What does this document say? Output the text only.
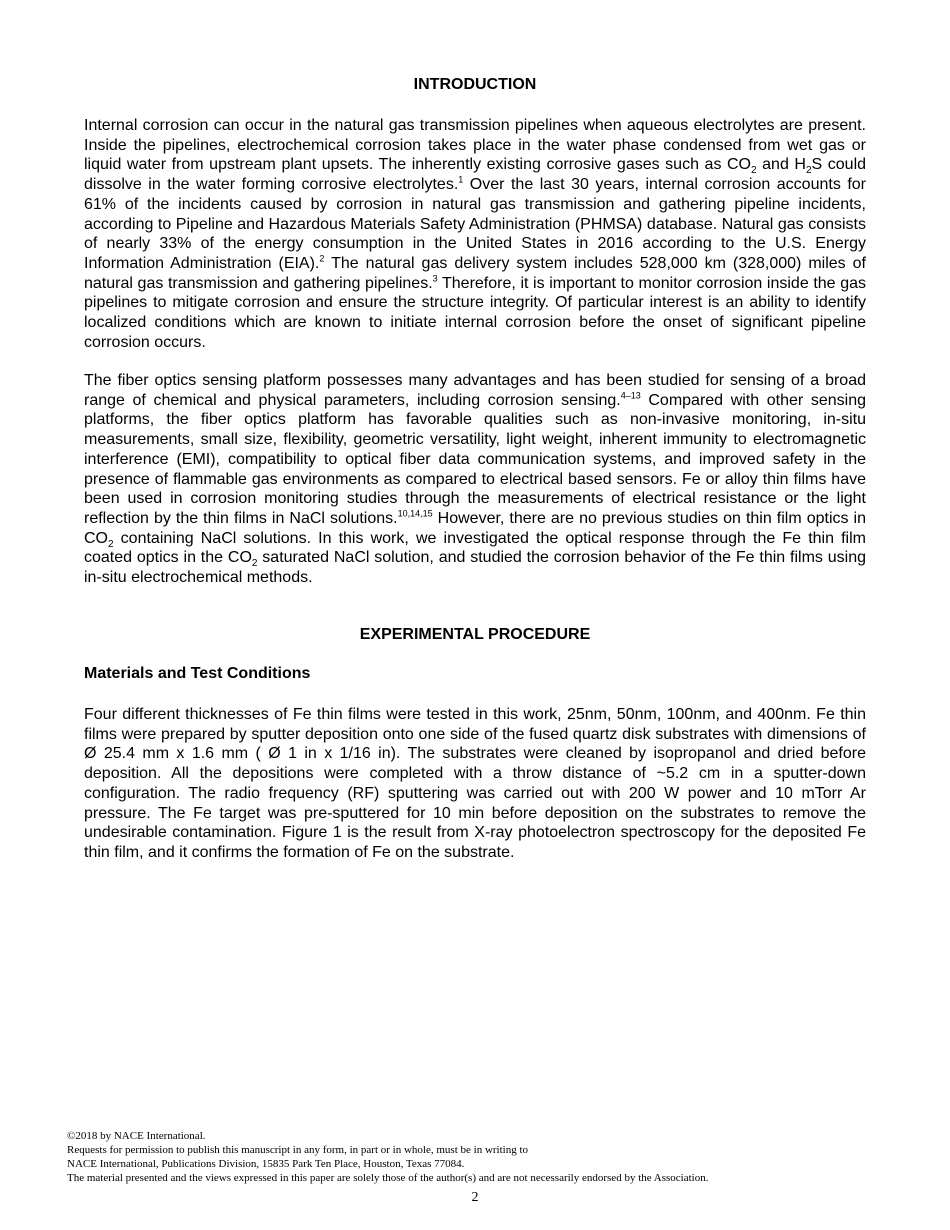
INTRODUCTION

Internal corrosion can occur in the natural gas transmission pipelines when aqueous electrolytes are present. Inside the pipelines, electrochemical corrosion takes place in the water phase condensed from wet gas or liquid water from upstream plant upsets. The inherently existing corrosive gases such as $CO_2$ and $H_2S$ could dissolve in the water forming corrosive electrolytes.$^1$ Over the last 30 years, internal corrosion accounts for 61% of the incidents caused by corrosion in natural gas transmission and gathering pipeline incidents, according to Pipeline and Hazardous Materials Safety Administration (PHMSA) database. Natural gas consists of nearly 33% of the energy consumption in the United States in 2016 according to the U.S. Energy Information Administration (EIA).$^2$ The natural gas delivery system includes 528,000 km (328,000) miles of natural gas transmission and gathering pipelines.$^3$ Therefore, it is important to monitor corrosion inside the gas pipelines to mitigate corrosion and ensure the structure integrity. Of particular interest is an ability to identify localized conditions which are known to initiate internal corrosion before the onset of significant pipeline corrosion occurs.

The fiber optics sensing platform possesses many advantages and has been studied for sensing of a broad range of chemical and physical parameters, including corrosion sensing.$^{4-13}$ Compared with other sensing platforms, the fiber optics platform has favorable qualities such as non-invasive monitoring, in-situ measurements, small size, flexibility, geometric versatility, light weight, inherent immunity to electromagnetic interference (EMI), compatibility to optical fiber data communication systems, and improved safety in the presence of flammable gas environments as compared to electrical based sensors. Fe or alloy thin films have been used in corrosion monitoring studies through the measurements of electrical resistance or the light reflection by the thin films in NaCl solutions.$^{10,14,15}$ However, there are no previous studies on thin film optics in $CO_2$ containing NaCl solutions. In this work, we investigated the optical response through the Fe thin film coated optics in the $CO_2$ saturated NaCl solution, and studied the corrosion behavior of the Fe thin films using in-situ electrochemical methods.

EXPERIMENTAL PROCEDURE
Materials and Test Conditions

Four different thicknesses of Fe thin films were tested in this work, 25nm, 50nm, 100nm, and 400nm. Fe thin films were prepared by sputter deposition onto one side of the fused quartz disk substrates with dimensions of Ø 25.4 mm x 1.6 mm ( Ø 1 in x 1/16 in). The substrates were cleaned by isopropanol and dried before deposition. All the depositions were completed with a throw distance of ~5.2 cm in a sputter-down configuration. The radio frequency (RF) sputtering was carried out with 200 W power and 10 mTorr Ar pressure. The Fe target was pre-sputtered for 10 min before deposition on the substrates to remove the undesirable contamination. Figure 1 is the result from X-ray photoelectron spectroscopy for the deposited Fe thin film, and it confirms the formation of Fe on the substrate.

©2018 by NACE International.
Requests for permission to publish this manuscript in any form, in part or in whole, must be in writing to
NACE International, Publications Division, 15835 Park Ten Place, Houston, Texas 77084.
The material presented and the views expressed in this paper are solely those of the author(s) and are not necessarily endorsed by the Association.
2
